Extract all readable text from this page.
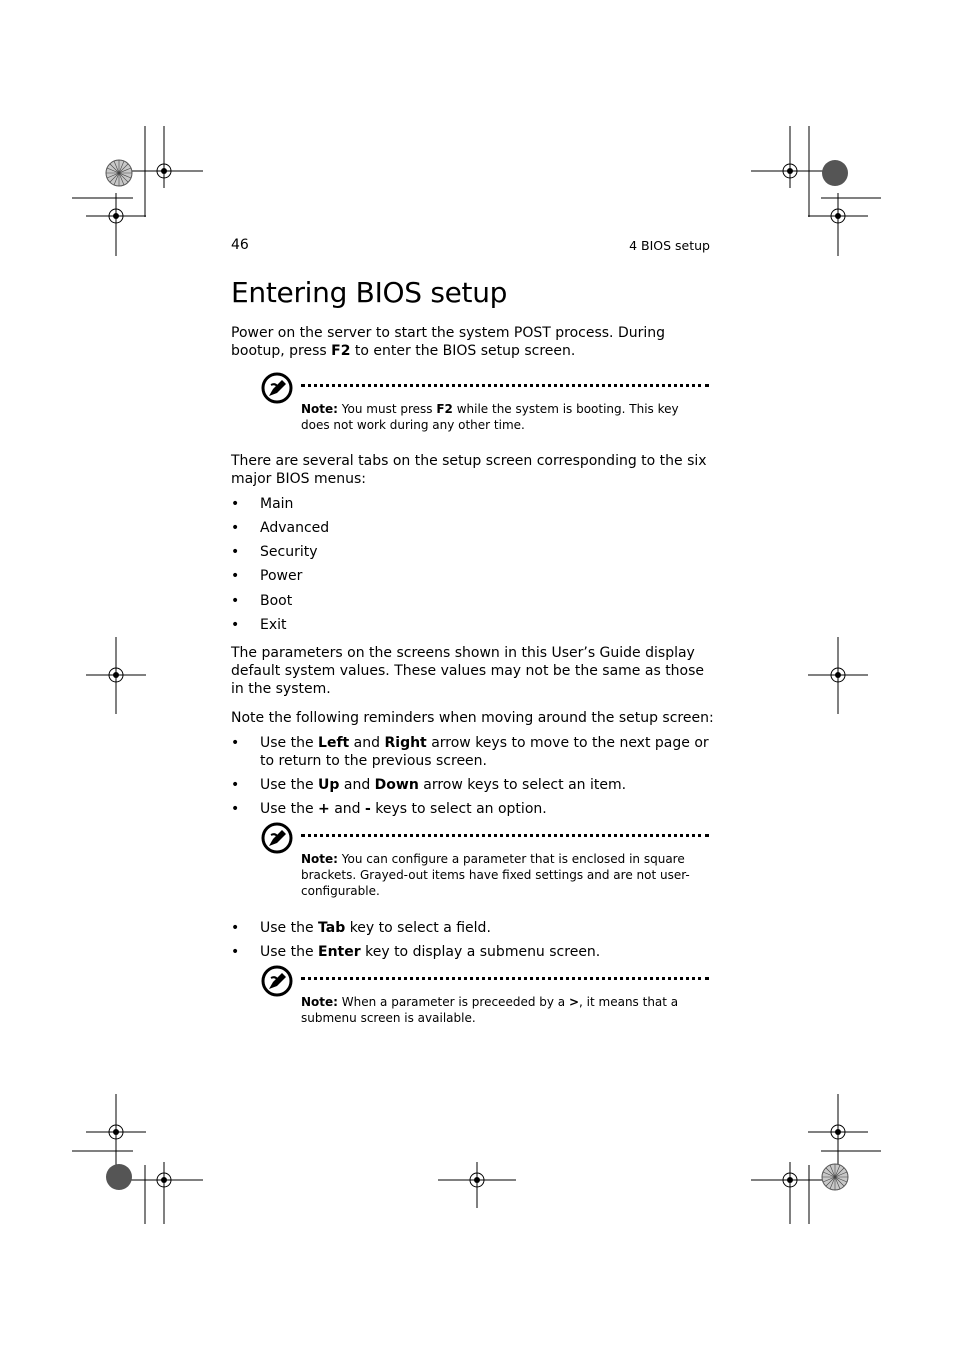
46	4 BIOS setup
Entering BIOS setup

Power on the server to start the system POST process. During bootup, press F2 to enter the BIOS setup screen.

Note: You must press F2 while the system is booting. This key does not work during any other time.

There are several tabs on the setup screen corresponding to the six major BIOS menus:

• Main
• Advanced
• Security
• Power
• Boot
• Exit

The parameters on the screens shown in this User’s Guide display default system values. These values may not be the same as those in the system.

Note the following reminders when moving around the setup screen:

• Use the Left and Right arrow keys to move to the next page or to return to the previous screen.
• Use the Up and Down arrow keys to select an item.
• Use the + and - keys to select an option.

Note: You can configure a parameter that is enclosed in square brackets. Grayed-out items have fixed settings and are not user-configurable.

• Use the Tab key to select a field.
• Use the Enter key to display a submenu screen.

Note: When a parameter is preceeded by a >, it means that a submenu screen is available.
